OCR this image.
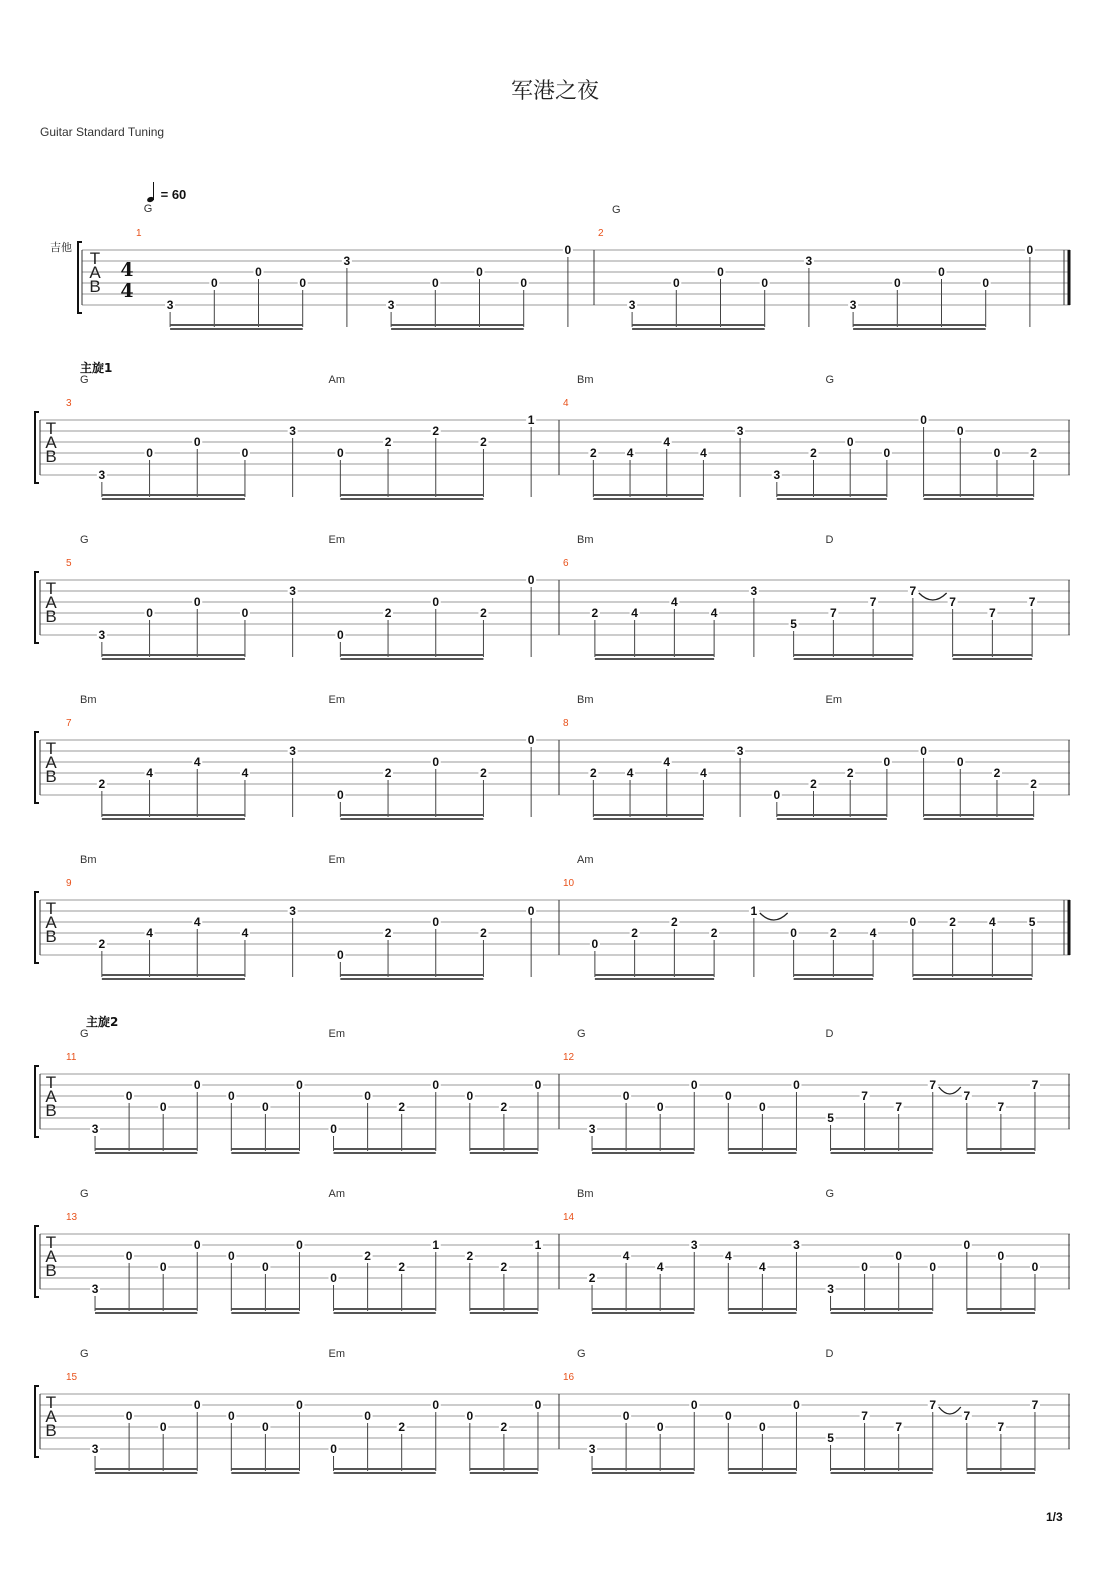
军港之夜
Guitar Standard Tuning
= 60
1/3
T
A
B
吉他
4
4
G
1
3
0
0
0
3
3
0
0
0
0
2
3
0
0
0
3
3
0
0
0
0
G
T
A
B
主旋1
3
3
0
0
0
3
0
2
2
2
1
4
2	4
4
4
3
3
2
0
0
0
0
0	2
G	Am	Bm	G
T
A
B
5
3
0
0
0
3
0
2
0
2
0
6
2	4
4
4
3
5
7
7
7
7
7
7
G	Em	Bm	D
T
A
B
7
2
4
4
4
3
0
2
0
2
0
8
2	4
4
4
3
0
2
2
0
0
0
2
2
Bm	Em	Bm	Em
T
A
B
9
2
4
4
4
3
0
2
0
2
0
10
0
2
2
2
1
0	2	4
0	2	4	5
Bm	Em	Am
T
A
B
主旋2
11
3
0
0
0
0
0
0
0
0
2
0
0
2
0
12
3
0
0
0
0
0
0
5
7
7
7
7
7
7
G	Em	G	D
T
A
B
13
3
0
0
0
0
0
0
0
2
2
1
2
2
1
14
2
4
4
3
4
4
3
3
0
0
0
0
0
0
G	Am	Bm	G
T
A
B
15
3
0
0
0
0
0
0
0
0
2
0
0
2
0
16
3
0
0
0
0
0
0
5
7
7
7
7
7
7
G	Em	G	D
